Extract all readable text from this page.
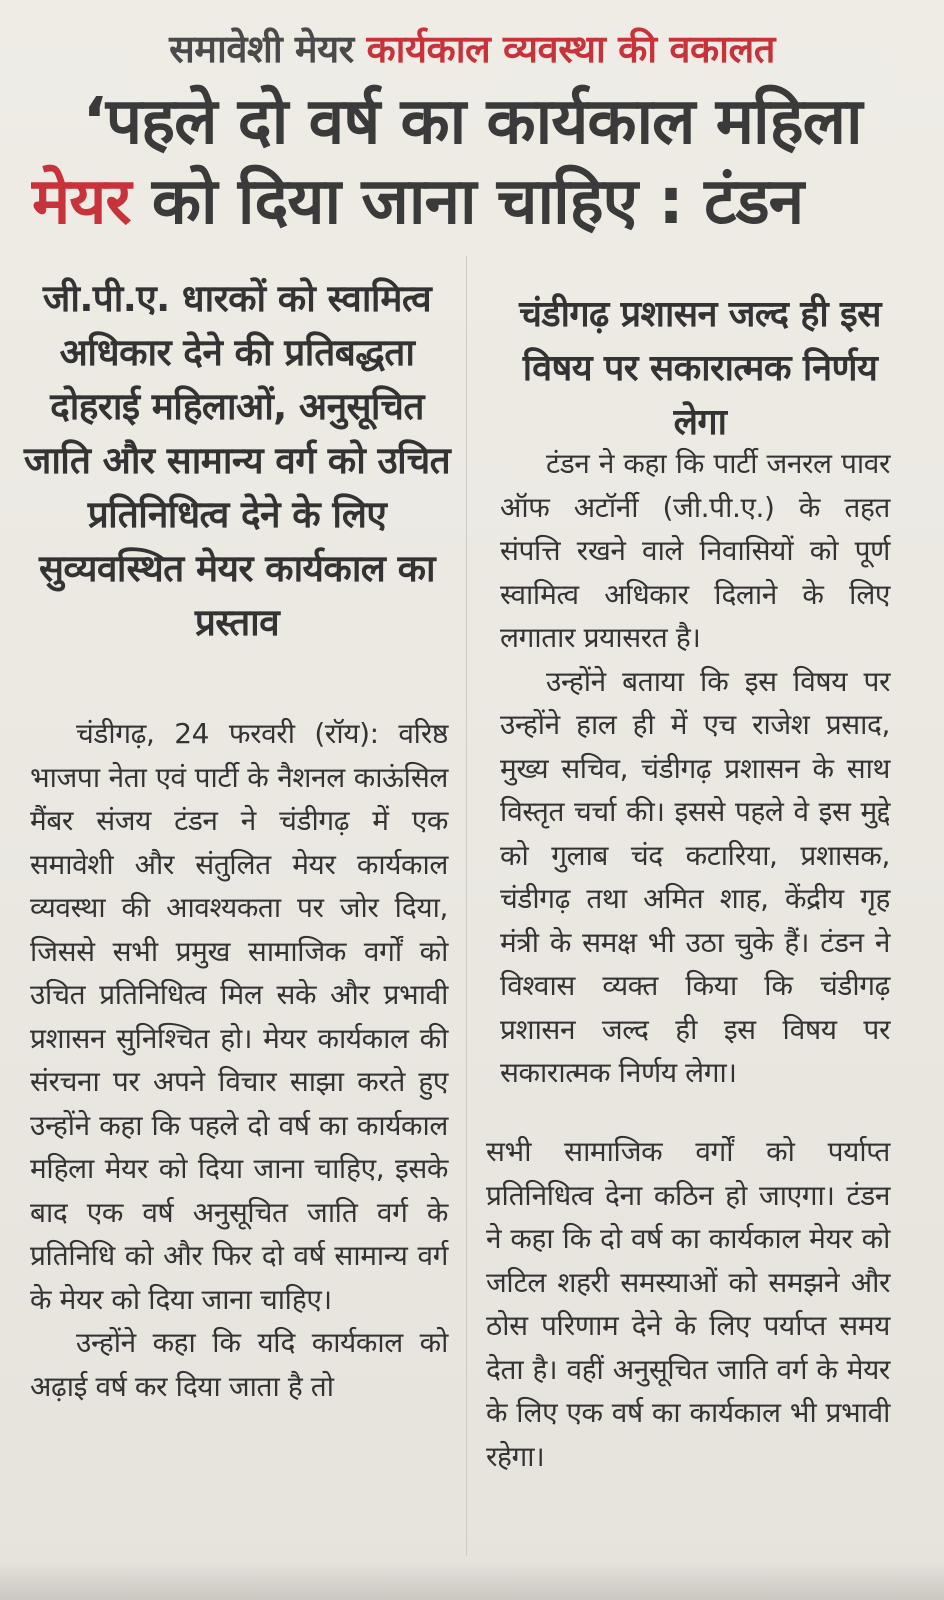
समावेशी मेयर कार्यकाल व्यवस्था की वकालत
‘पहले दो वर्ष का कार्यकाल महिला
मेयर को दिया जाना चाहिए : टंडन
जी.पी.ए. धारकों को स्वामित्व अधिकार देने की प्रतिबद्धता दोहराई महिलाओं, अनुसूचित जाति और सामान्य वर्ग को उचित प्रतिनिधित्व देने के लिए सुव्यवस्थित मेयर कार्यकाल का प्रस्ताव
चंडीगढ़ प्रशासन जल्द ही इस विषय पर सकारात्मक निर्णय लेगा

चंडीगढ़, 24 फरवरी (रॉय): वरिष्ठ भाजपा नेता एवं पार्टी के नैशनल काऊंसिल मैंबर संजय टंडन ने चंडीगढ़ में एक समावेशी और संतुलित मेयर कार्यकाल व्यवस्था की आवश्यकता पर जोर दिया, जिससे सभी प्रमुख सामाजिक वर्गों को उचित प्रतिनिधित्व मिल सके और प्रभावी प्रशासन सुनिश्चित हो। मेयर कार्यकाल की संरचना पर अपने विचार साझा करते हुए उन्होंने कहा कि पहले दो वर्ष का कार्यकाल महिला मेयर को दिया जाना चाहिए, इसके बाद एक वर्ष अनुसूचित जाति वर्ग के प्रतिनिधि को और फिर दो वर्ष सामान्य वर्ग के मेयर को दिया जाना चाहिए।

उन्होंने कहा कि यदि कार्यकाल को अढ़ाई वर्ष कर दिया जाता है तो

टंडन ने कहा कि पार्टी जनरल पावर ऑफ अटॉर्नी (जी.पी.ए.) के तहत संपत्ति रखने वाले निवासियों को पूर्ण स्वामित्व अधिकार दिलाने के लिए लगातार प्रयासरत है।

उन्होंने बताया कि इस विषय पर उन्होंने हाल ही में एच राजेश प्रसाद, मुख्य सचिव, चंडीगढ़ प्रशासन के साथ विस्तृत चर्चा की। इससे पहले वे इस मुद्दे को गुलाब चंद कटारिया, प्रशासक, चंडीगढ़ तथा अमित शाह, केंद्रीय गृह मंत्री के समक्ष भी उठा चुके हैं। टंडन ने विश्वास व्यक्त किया कि चंडीगढ़ प्रशासन जल्द ही इस विषय पर सकारात्मक निर्णय लेगा।

सभी सामाजिक वर्गों को पर्याप्त प्रतिनिधित्व देना कठिन हो जाएगा। टंडन ने कहा कि दो वर्ष का कार्यकाल मेयर को जटिल शहरी समस्याओं को समझने और ठोस परिणाम देने के लिए पर्याप्त समय देता है। वहीं अनुसूचित जाति वर्ग के मेयर के लिए एक वर्ष का कार्यकाल भी प्रभावी रहेगा।
